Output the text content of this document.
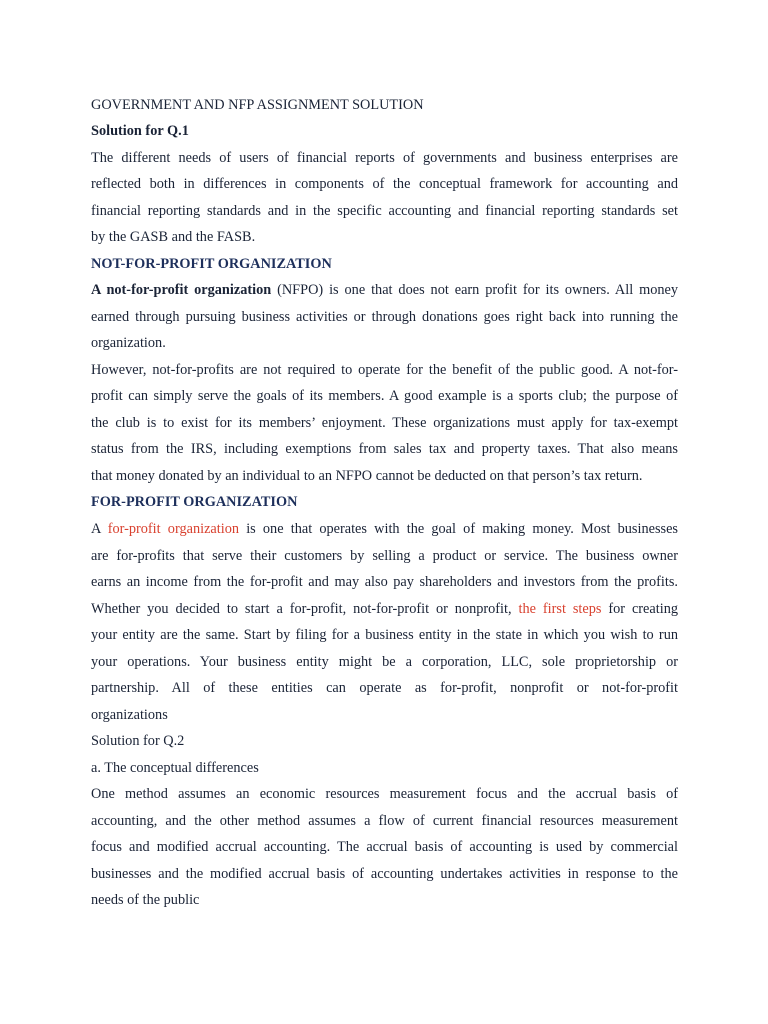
GOVERNMENT AND NFP ASSIGNMENT SOLUTION
Solution for Q.1
The different needs of users of financial reports of governments and business enterprises are
reflected both in differences in components of the conceptual framework for accounting and
financial reporting standards and in the specific accounting and financial reporting standards set
by the GASB and the FASB.
NOT-FOR-PROFIT ORGANIZATION
A not-for-profit organization (NFPO) is one that does not earn profit for its owners. All money
earned through pursuing business activities or through donations goes right back into running the
organization.
However, not-for-profits are not required to operate for the benefit of the public good. A not-for-
profit can simply serve the goals of its members. A good example is a sports club; the purpose of
the club is to exist for its members’ enjoyment. These organizations must apply for tax-exempt
status from the IRS, including exemptions from sales tax and property taxes. That also means
that money donated by an individual to an NFPO cannot be deducted on that person’s tax return.
FOR-PROFIT ORGANIZATION
A for-profit organization is one that operates with the goal of making money. Most businesses
are for-profits that serve their customers by selling a product or service. The business owner
earns an income from the for-profit and may also pay shareholders and investors from the profits.
Whether you decided to start a for-profit, not-for-profit or nonprofit, the first steps for creating
your entity are the same. Start by filing for a business entity in the state in which you wish to run
your operations. Your business entity might be a corporation, LLC, sole proprietorship or
partnership. All of these entities can operate as for-profit, nonprofit or not-for-profit
organizations
Solution for Q.2
a. The conceptual differences
One method assumes an economic resources measurement focus and the accrual basis of
accounting, and the other method assumes a flow of current financial resources measurement
focus and modified accrual accounting. The accrual basis of accounting is used by commercial
businesses and the modified accrual basis of accounting undertakes activities in response to the
needs of the public
